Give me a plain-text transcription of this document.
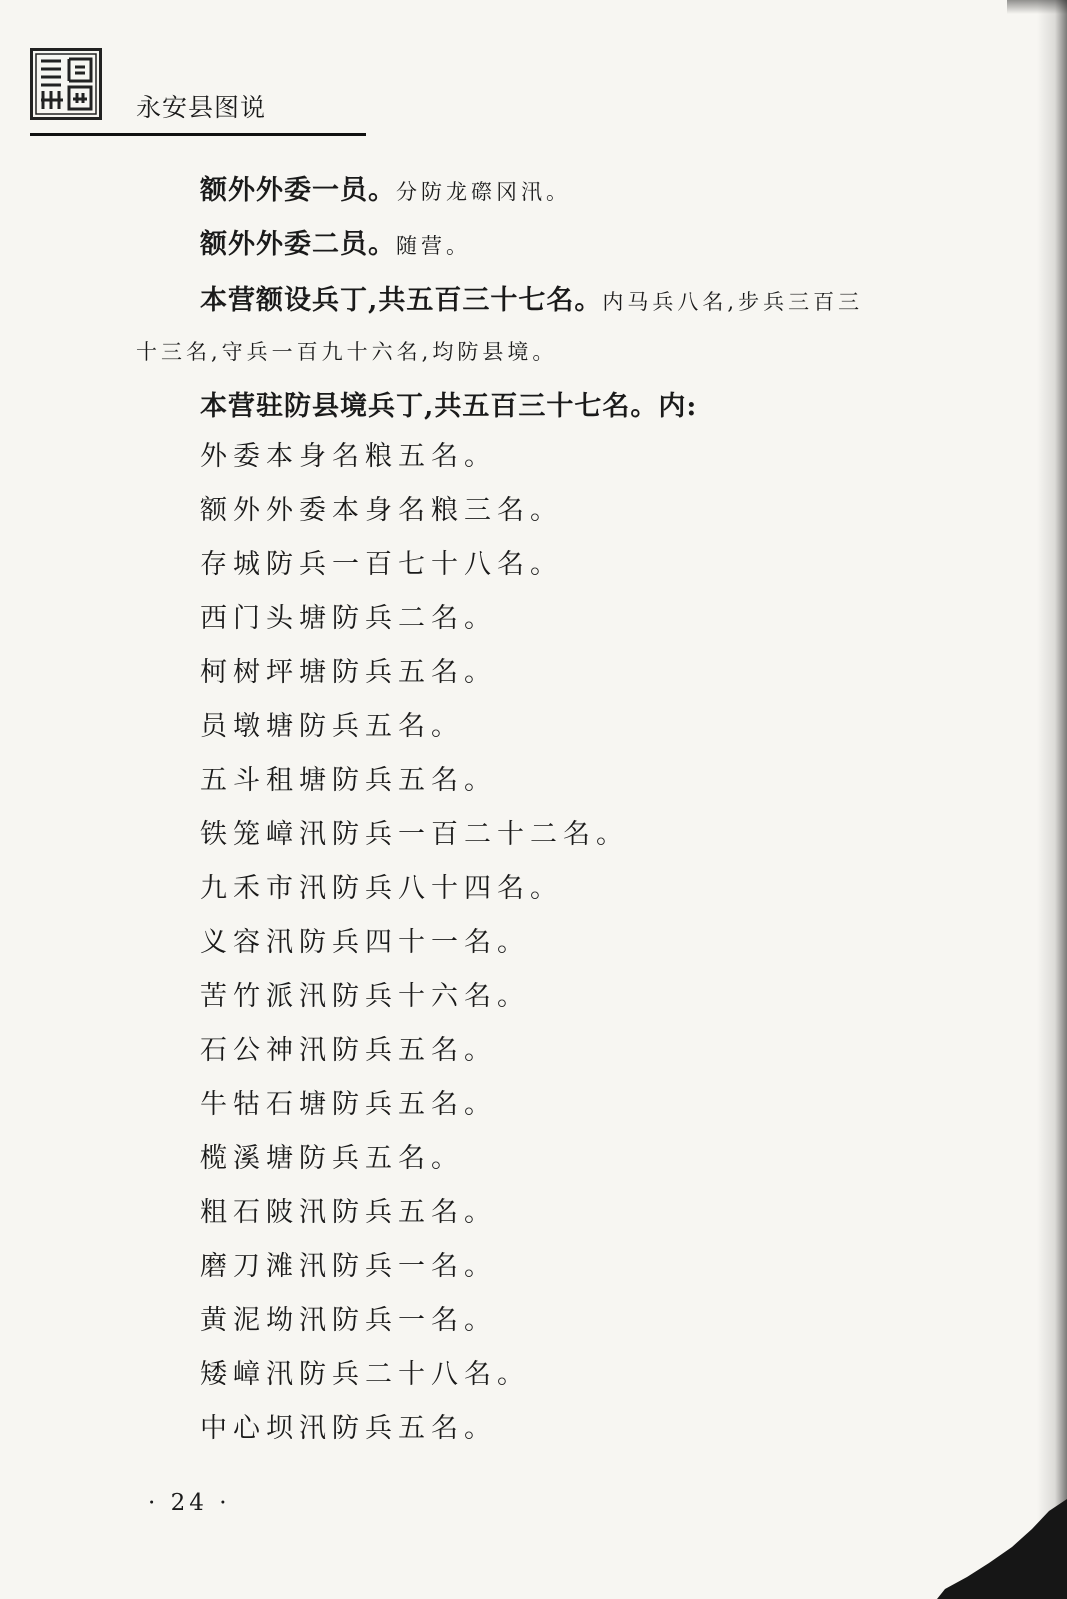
永安县图说
额外外委一员。分防龙磜冈汛。
额外外委二员。随营。
本营额设兵丁,共五百三十七名。内马兵八名,步兵三百三
十三名,守兵一百九十六名,均防县境。
本营驻防县境兵丁,共五百三十七名。内:
外委本身名粮五名。
额外外委本身名粮三名。
存城防兵一百七十八名。
西门头塘防兵二名。
柯树坪塘防兵五名。
员墩塘防兵五名。
五斗租塘防兵五名。
铁笼嶂汛防兵一百二十二名。
九禾市汛防兵八十四名。
义容汛防兵四十一名。
苦竹派汛防兵十六名。
石公神汛防兵五名。
牛牯石塘防兵五名。
榄溪塘防兵五名。
粗石陂汛防兵五名。
磨刀滩汛防兵一名。
黄泥坳汛防兵一名。
矮嶂汛防兵二十八名。
中心坝汛防兵五名。
· 24 ·
